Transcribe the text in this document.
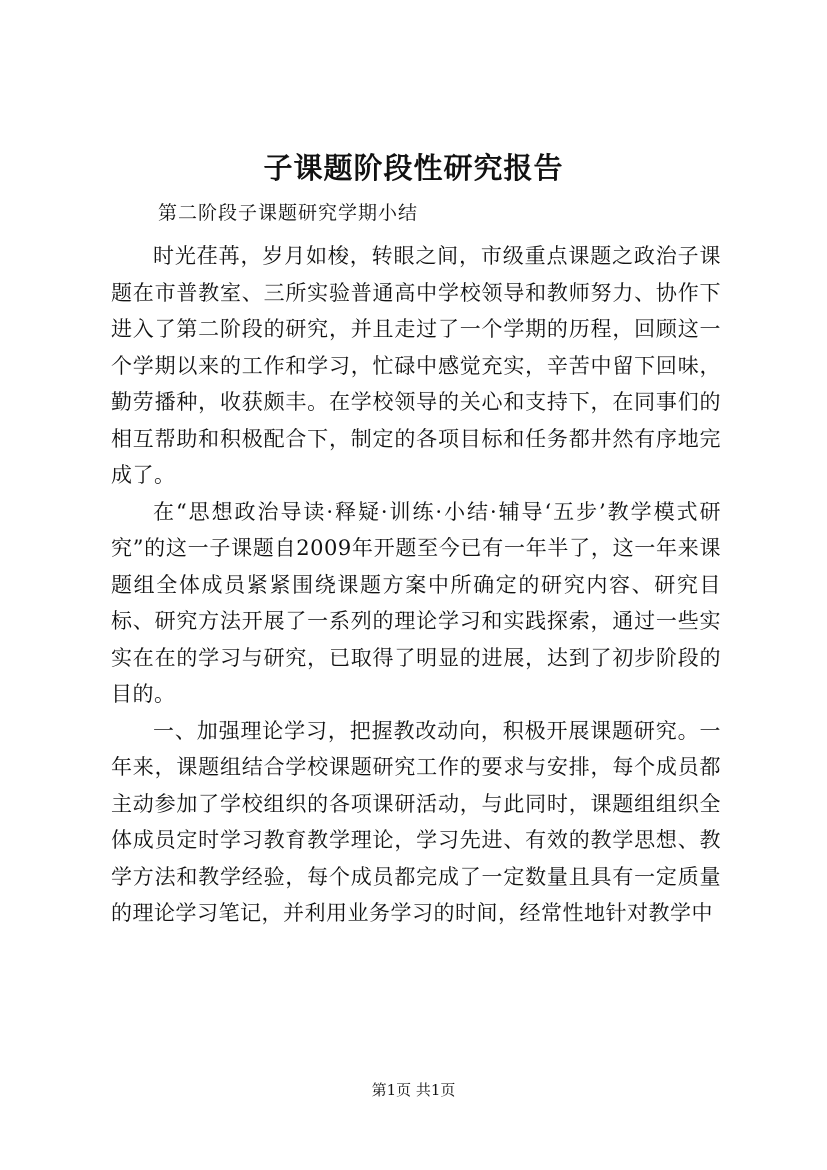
子课题阶段性研究报告
第二阶段子课题研究学期小结

时光荏苒，岁月如梭，转眼之间，市级重点课题之政治子课题在市普教室、三所实验普通高中学校领导和教师努力、协作下进入了第二阶段的研究，并且走过了一个学期的历程，回顾这一个学期以来的工作和学习，忙碌中感觉充实，辛苦中留下回味，勤劳播种，收获颇丰。在学校领导的关心和支持下，在同事们的相互帮助和积极配合下，制定的各项目标和任务都井然有序地完成了。

在“思想政治导读·释疑·训练·小结·辅导‘五步’教学模式研究”的这一子课题自2009年开题至今已有一年半了，这一年来课题组全体成员紧紧围绕课题方案中所确定的研究内容、研究目标、研究方法开展了一系列的理论学习和实践探索，通过一些实实在在的学习与研究，已取得了明显的进展，达到了初步阶段的目的。

一、加强理论学习，把握教改动向，积极开展课题研究。一年来，课题组结合学校课题研究工作的要求与安排，每个成员都主动参加了学校组织的各项课研活动，与此同时，课题组组织全体成员定时学习教育教学理论，学习先进、有效的教学思想、教学方法和教学经验，每个成员都完成了一定数量且具有一定质量的理论学习笔记，并利用业务学习的时间，经常性地针对教学中

第1页 共1页
